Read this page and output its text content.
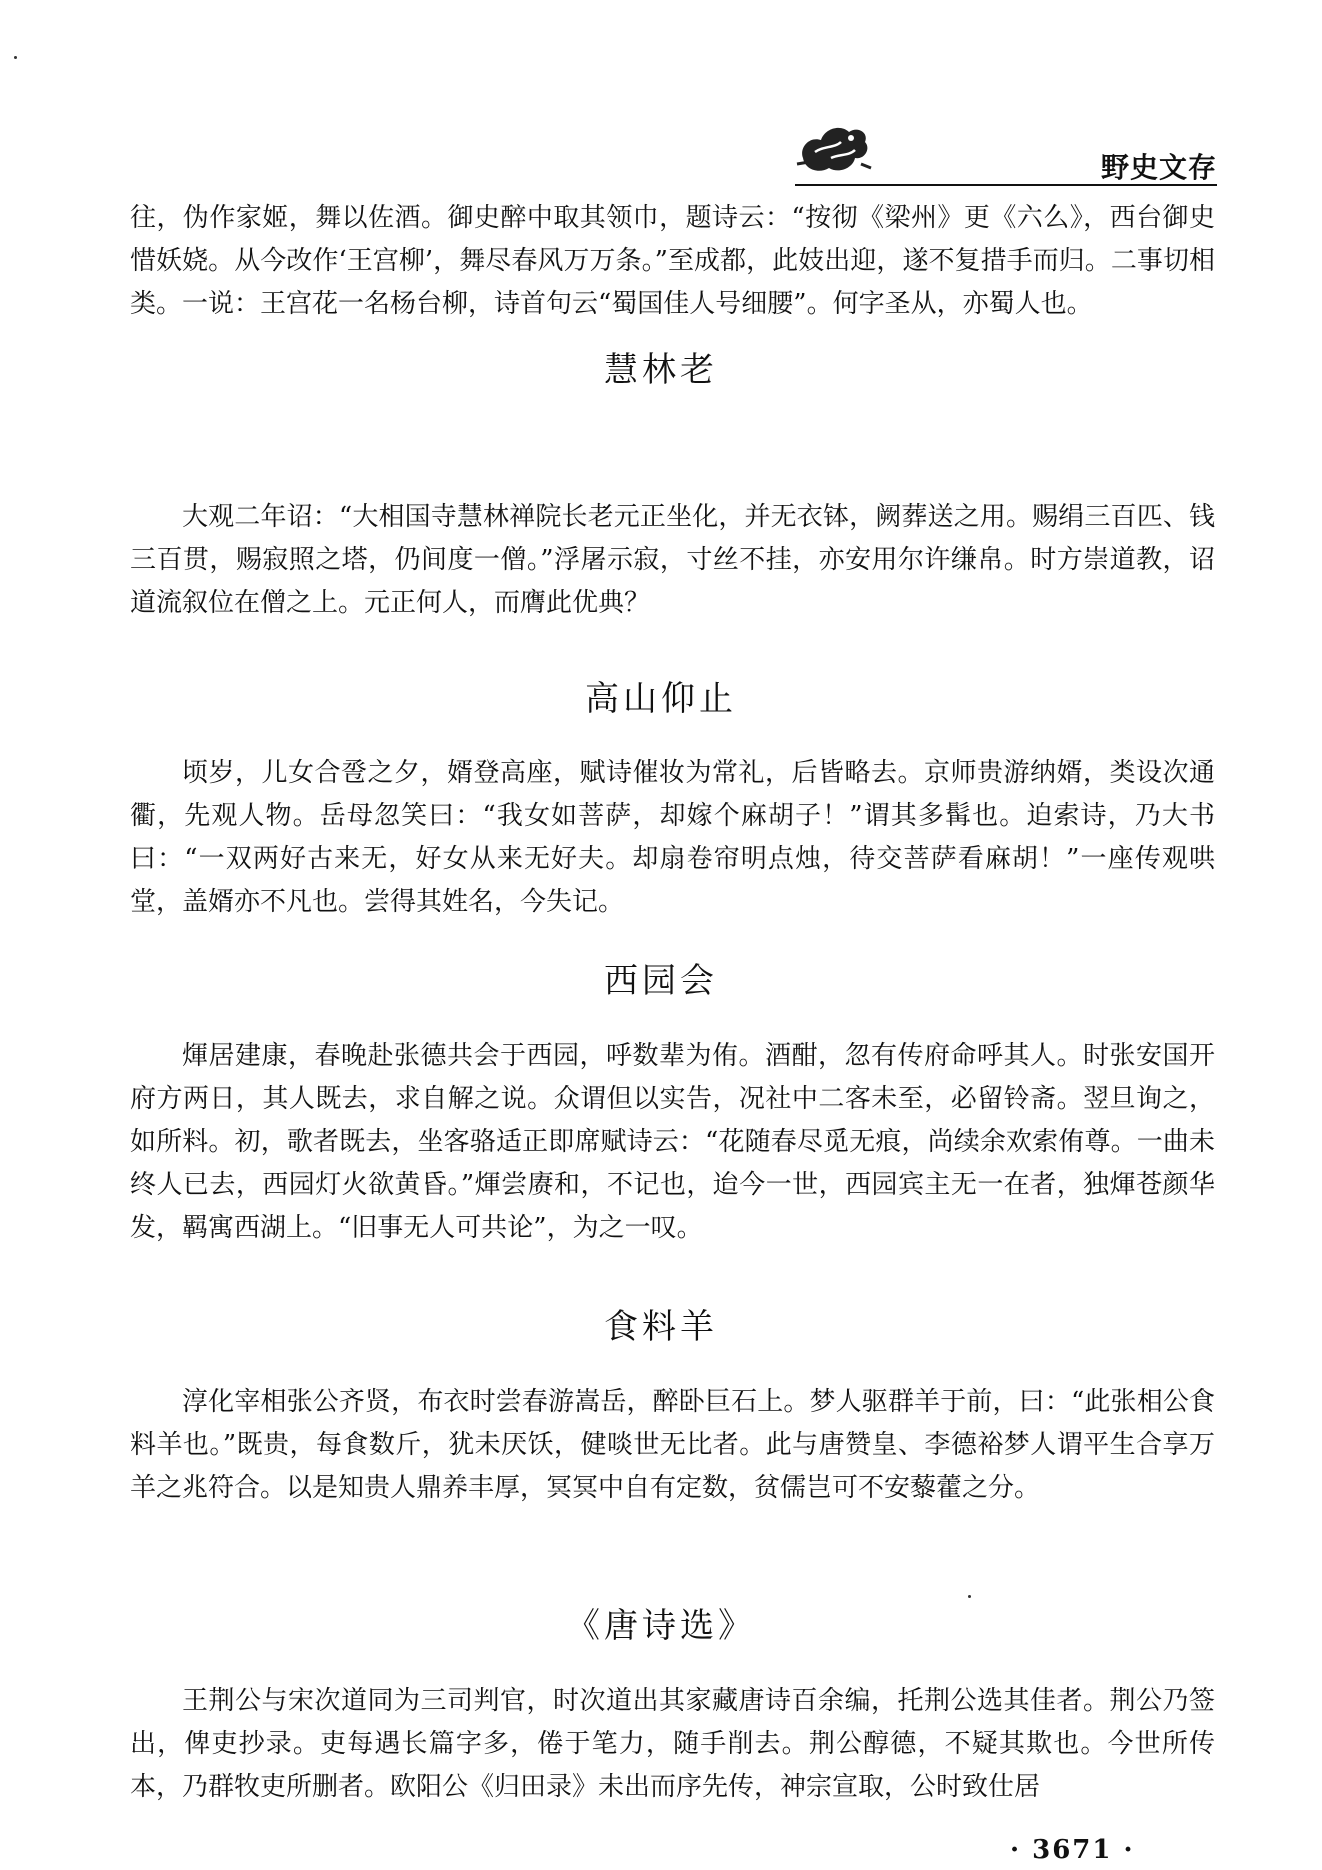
野史文存

往，伪作家姬，舞以佐酒。御史醉中取其领巾，题诗云：“按彻《梁州》更《六么》，西台御史惜妖娆。从今改作‘王宫柳’，舞尽春风万万条。”至成都，此妓出迎，遂不复措手而归。二事切相类。一说：王宫花一名杨台柳，诗首句云“蜀国佳人号细腰”。何字圣从，亦蜀人也。

慧林老

大观二年诏：“大相国寺慧林禅院长老元正坐化，并无衣钵，阙葬送之用。赐绢三百匹、钱三百贯，赐寂照之塔，仍间度一僧。”浮屠示寂，寸丝不挂，亦安用尔许缣帛。时方崇道教，诏道流叙位在僧之上。元正何人，而膺此优典？

高山仰止

顷岁，儿女合卺之夕，婿登高座，赋诗催妆为常礼，后皆略去。京师贵游纳婿，类设次通衢，先观人物。岳母忽笑曰：“我女如菩萨，却嫁个麻胡子！”谓其多髯也。迫索诗，乃大书曰：“一双两好古来无，好女从来无好夫。却扇卷帘明点烛，待交菩萨看麻胡！”一座传观哄堂，盖婿亦不凡也。尝得其姓名，今失记。

西园会

煇居建康，春晚赴张德共会于西园，呼数辈为侑。酒酣，忽有传府命呼其人。时张安国开府方两日，其人既去，求自解之说。众谓但以实告，况社中二客未至，必留铃斋。翌旦询之，如所料。初，歌者既去，坐客骆适正即席赋诗云：“花随春尽觅无痕，尚续余欢索侑尊。一曲未终人已去，西园灯火欲黄昏。”煇尝赓和，不记也，迨今一世，西园宾主无一在者，独煇苍颜华发，羁寓西湖上。“旧事无人可共论”，为之一叹。

食料羊

淳化宰相张公齐贤，布衣时尝春游嵩岳，醉卧巨石上。梦人驱群羊于前，曰：“此张相公食料羊也。”既贵，每食数斤，犹未厌饫，健啖世无比者。此与唐赞皇、李德裕梦人谓平生合享万羊之兆符合。以是知贵人鼎养丰厚，冥冥中自有定数，贫儒岂可不安藜藿之分。

《唐诗选》

王荆公与宋次道同为三司判官，时次道出其家藏唐诗百余编，托荆公选其佳者。荆公乃签出，俾吏抄录。吏每遇长篇字多，倦于笔力，随手削去。荆公醇德，不疑其欺也。今世所传本，乃群牧吏所删者。欧阳公《归田录》未出而序先传，神宗宣取，公时致仕居

· 3671 ·
